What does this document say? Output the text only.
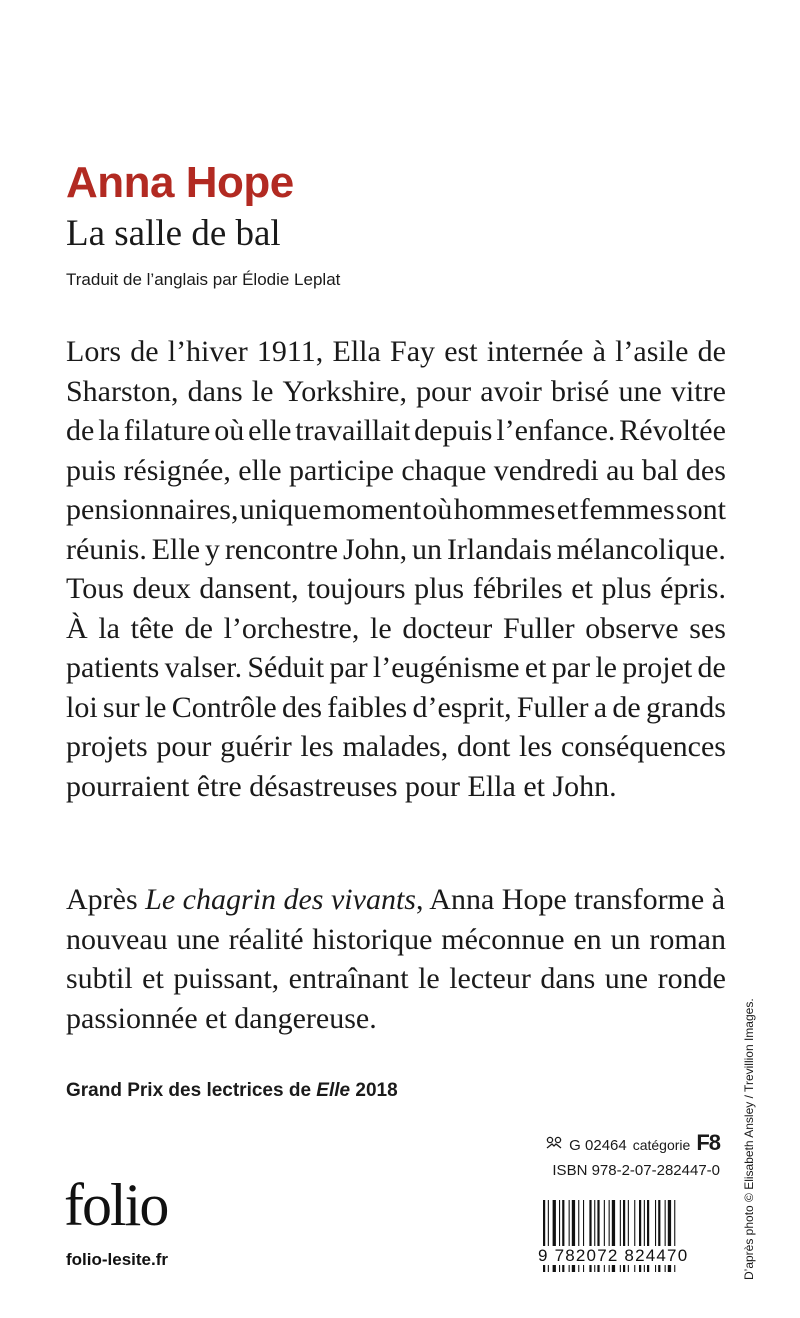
Anna Hope
La salle de bal
Traduit de l’anglais par Élodie Leplat
Lors de l’hiver 1911, Ella Fay est internée à l’asile de
Sharston, dans le Yorkshire, pour avoir brisé une vitre
de la filature où elle travaillait depuis l’enfance. Révoltée
puis résignée, elle participe chaque vendredi au bal des
pensionnaires, unique moment où hommes et femmes sont
réunis. Elle y rencontre John, un Irlandais mélancolique.
Tous deux dansent, toujours plus fébriles et plus épris.
À la tête de l’orchestre, le docteur Fuller observe ses
patients valser. Séduit par l’eugénisme et par le projet de
loi sur le Contrôle des faibles d’esprit, Fuller a de grands
projets pour guérir les malades, dont les conséquences
pourraient être désastreuses pour Ella et John.
Après Le chagrin des vivants, Anna Hope transforme à
nouveau une réalité historique méconnue en un roman
subtil et puissant, entraînant le lecteur dans une ronde
passionnée et dangereuse.
Grand Prix des lectrices de Elle 2018
folio
folio-lesite.fr
G 02464 catégorie F8
ISBN 978-2-07-282447-0
9 782072 824470	D’après photo © Elisabeth Ansley / Trevillion Images.
